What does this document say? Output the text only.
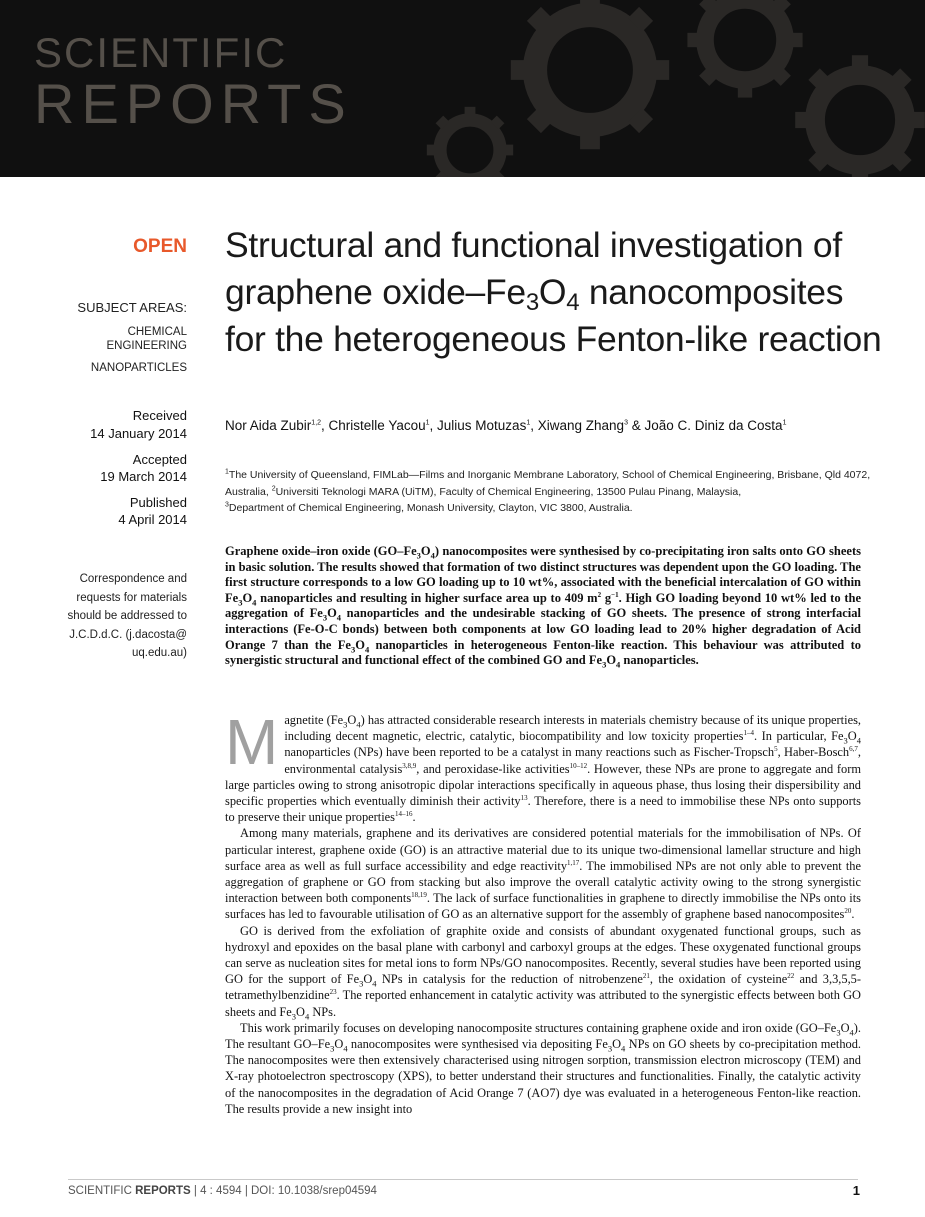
SCIENTIFIC
REPORTS
OPEN
SUBJECT AREAS:
CHEMICAL
ENGINEERING
NANOPARTICLES
Received
14 January 2014
Accepted
19 March 2014
Published
4 April 2014
Correspondence and
requests for materials
should be addressed to
J.C.D.d.C. (j.dacosta@
uq.edu.au)
Structural and functional investigation of graphene oxide–$Fe_3O_4$ nanocomposites for the heterogeneous Fenton-like reaction
Nor Aida Zubir$^{1,2}$, Christelle Yacou$^1$, Julius Motuzas$^1$, Xiwang Zhang$^3$ & João C. Diniz da Costa$^1$
$^1$The University of Queensland, FIMLab—Films and Inorganic Membrane Laboratory, School of Chemical Engineering, Brisbane, Qld 4072, Australia, $^2$Universiti Teknologi MARA (UiTM), Faculty of Chemical Engineering, 13500 Pulau Pinang, Malaysia,
$^3$Department of Chemical Engineering, Monash University, Clayton, VIC 3800, Australia.

Graphene oxide–iron oxide $(GO-Fe_3O_4)$ nanocomposites were synthesised by co-precipitating iron salts onto GO sheets in basic solution. The results showed that formation of two distinct structures was dependent upon the GO loading. The first structure corresponds to a low GO loading up to 10 wt%, associated with the beneficial intercalation of GO within $Fe_3O_4$ nanoparticles and resulting in higher surface area up to 409 $m^2$ $g^{-1}$. High GO loading beyond 10 wt% led to the aggregation of $Fe_3O_4$ nanoparticles and the undesirable stacking of GO sheets. The presence of strong interfacial interactions (Fe-O-C bonds) between both components at low GO loading lead to 20% higher degradation of Acid Orange 7 than the $Fe_3O_4$ nanoparticles in heterogeneous Fenton-like reaction. This behaviour was attributed to synergistic structural and functional effect of the combined GO and $Fe_3O_4$ nanoparticles.

M agnetite $(Fe_3O_4)$ has attracted considerable research interests in materials chemistry because of its unique properties, including decent magnetic, electric, catalytic, biocompatibility and low toxicity properties$^{1-4}$. In particular, $Fe_3O_4$ nanoparticles (NPs) have been reported to be a catalyst in many reactions such as Fischer-Tropsch$^5$, Haber-Bosch$^{6,7}$, environmental catalysis$^{3,8,9}$, and peroxidase-like activities$^{10-12}$. However, these NPs are prone to aggregate and form large particles owing to strong anisotropic dipolar interactions specifically in aqueous phase, thus losing their dispersibility and specific properties which eventually diminish their activity$^{13}$. Therefore, there is a need to immobilise these NPs onto supports to preserve their unique properties$^{14-16}$.

Among many materials, graphene and its derivatives are considered potential materials for the immobilisation of NPs. Of particular interest, graphene oxide (GO) is an attractive material due to its unique two-dimensional lamellar structure and high surface area as well as full surface accessibility and edge reactivity$^{1,17}$. The immobilised NPs are not only able to prevent the aggregation of graphene or GO from stacking but also improve the overall catalytic activity owing to the strong synergistic interaction between both components$^{18,19}$. The lack of surface functionalities in graphene to directly immobilise the NPs onto its surfaces has led to favourable utilisation of GO as an alternative support for the assembly of graphene based nanocomposites$^{20}$.

GO is derived from the exfoliation of graphite oxide and consists of abundant oxygenated functional groups, such as hydroxyl and epoxides on the basal plane with carbonyl and carboxyl groups at the edges. These oxygenated functional groups can serve as nucleation sites for metal ions to form NPs/GO nanocomposites. Recently, several studies have been reported using GO for the support of $Fe_3O_4$ NPs in catalysis for the reduction of nitrobenzene$^{21}$, the oxidation of cysteine$^{22}$ and 3,3,5,5-tetramethylbenzidine$^{23}$. The reported enhancement in catalytic activity was attributed to the synergistic effects between both GO sheets and $Fe_3O_4$ NPs.

This work primarily focuses on developing nanocomposite structures containing graphene oxide and iron oxide $(GO-Fe_3O_4)$. The resultant $GO-Fe_3O_4$ nanocomposites were synthesised via depositing $Fe_3O_4$ NPs on GO sheets by co-precipitation method. The nanocomposites were then extensively characterised using nitrogen sorption, transmission electron microscopy (TEM) and X-ray photoelectron spectroscopy (XPS), to better understand their structures and functionalities. Finally, the catalytic activity of the nanocomposites in the degradation of Acid Orange 7 (AO7) dye was evaluated in a heterogeneous Fenton-like reaction. The results provide a new insight into

SCIENTIFIC REPORTS | 4 : 4594 | DOI: 10.1038/srep04594	1
